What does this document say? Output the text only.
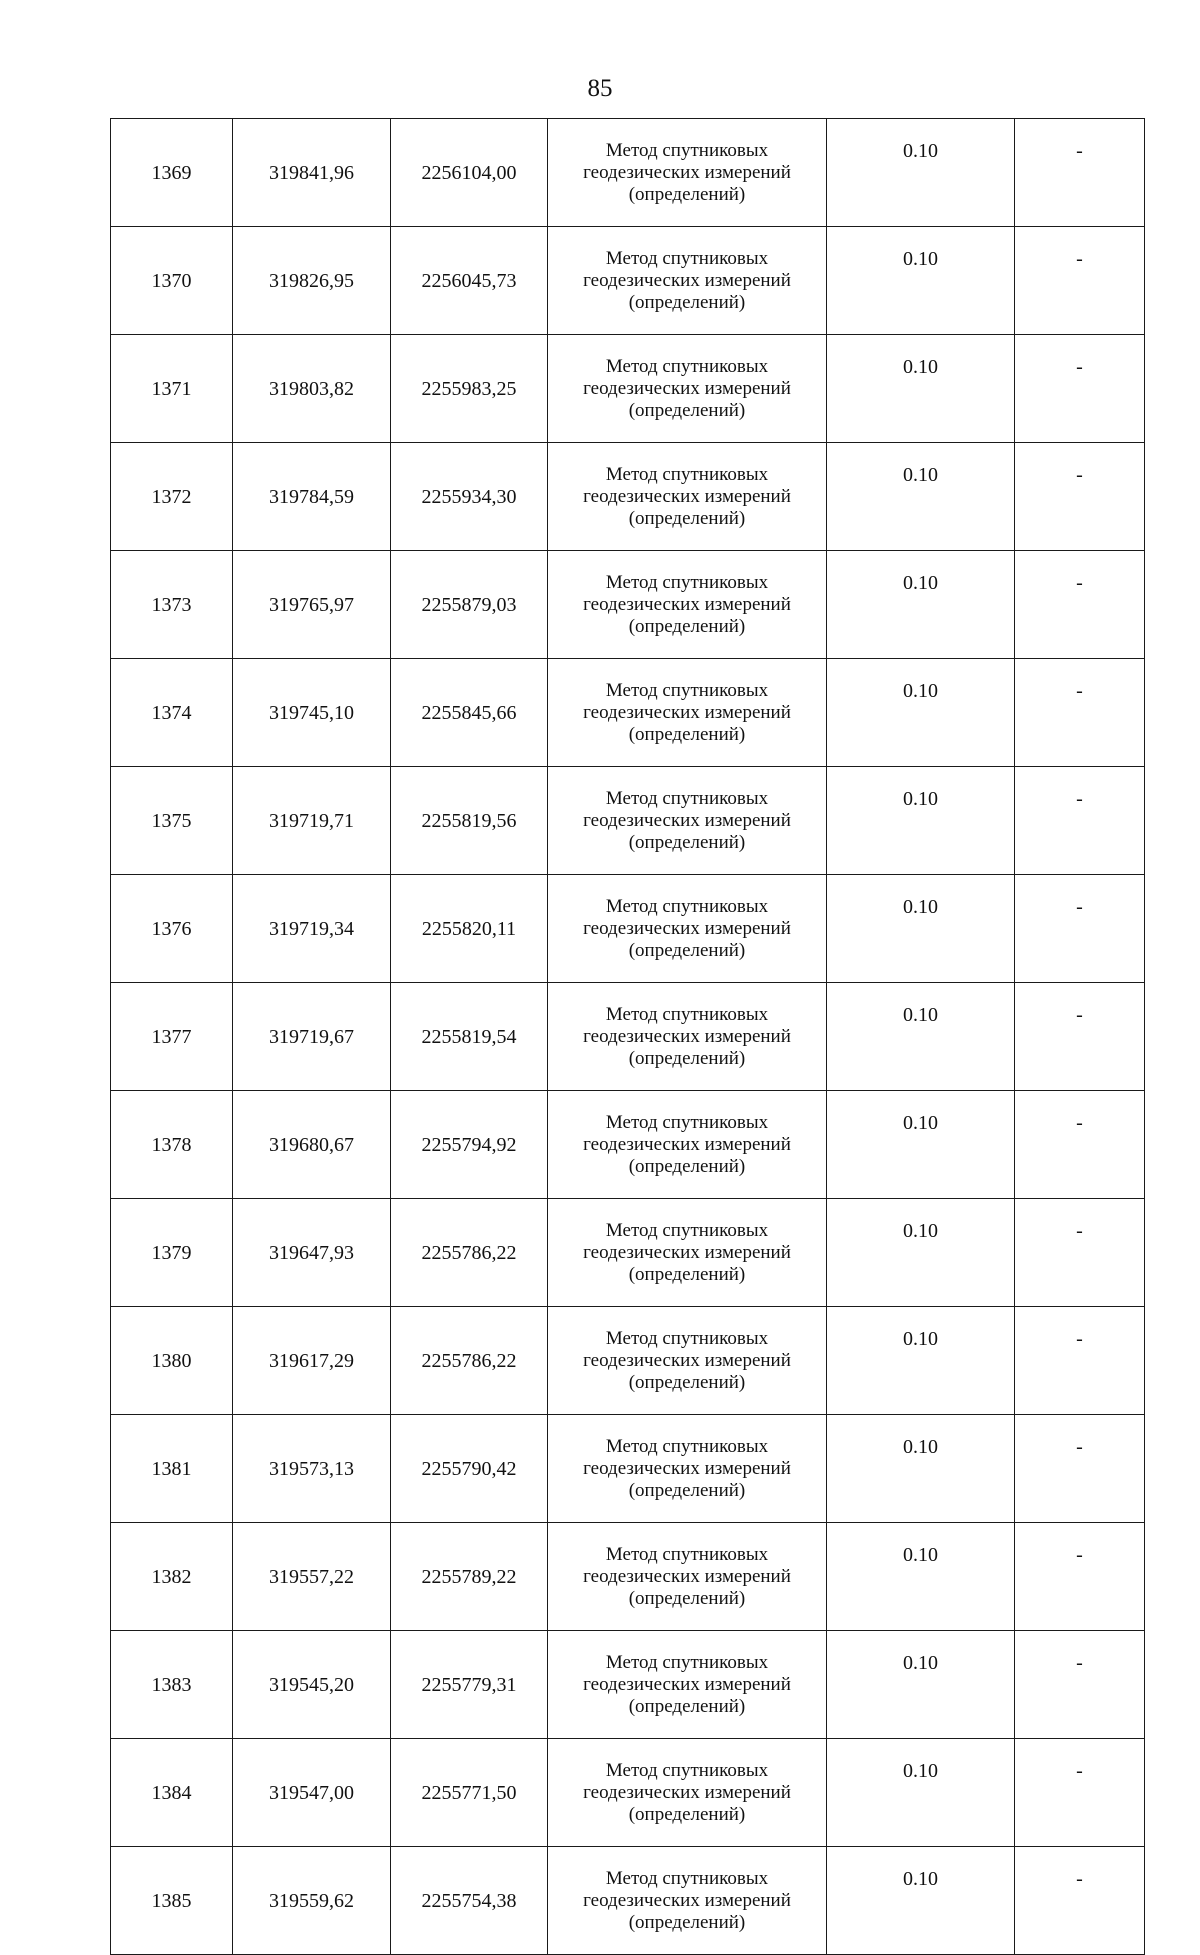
85
1369	319841,96	2256104,00	Метод спутниковых
геодезических измерений
(определений)	0.10	-
1370	319826,95	2256045,73	Метод спутниковых
геодезических измерений
(определений)	0.10	-
1371	319803,82	2255983,25	Метод спутниковых
геодезических измерений
(определений)	0.10	-
1372	319784,59	2255934,30	Метод спутниковых
геодезических измерений
(определений)	0.10	-
1373	319765,97	2255879,03	Метод спутниковых
геодезических измерений
(определений)	0.10	-
1374	319745,10	2255845,66	Метод спутниковых
геодезических измерений
(определений)	0.10	-
1375	319719,71	2255819,56	Метод спутниковых
геодезических измерений
(определений)	0.10	-
1376	319719,34	2255820,11	Метод спутниковых
геодезических измерений
(определений)	0.10	-
1377	319719,67	2255819,54	Метод спутниковых
геодезических измерений
(определений)	0.10	-
1378	319680,67	2255794,92	Метод спутниковых
геодезических измерений
(определений)	0.10	-
1379	319647,93	2255786,22	Метод спутниковых
геодезических измерений
(определений)	0.10	-
1380	319617,29	2255786,22	Метод спутниковых
геодезических измерений
(определений)	0.10	-
1381	319573,13	2255790,42	Метод спутниковых
геодезических измерений
(определений)	0.10	-
1382	319557,22	2255789,22	Метод спутниковых
геодезических измерений
(определений)	0.10	-
1383	319545,20	2255779,31	Метод спутниковых
геодезических измерений
(определений)	0.10	-
1384	319547,00	2255771,50	Метод спутниковых
геодезических измерений
(определений)	0.10	-
1385	319559,62	2255754,38	Метод спутниковых
геодезических измерений
(определений)	0.10	-
